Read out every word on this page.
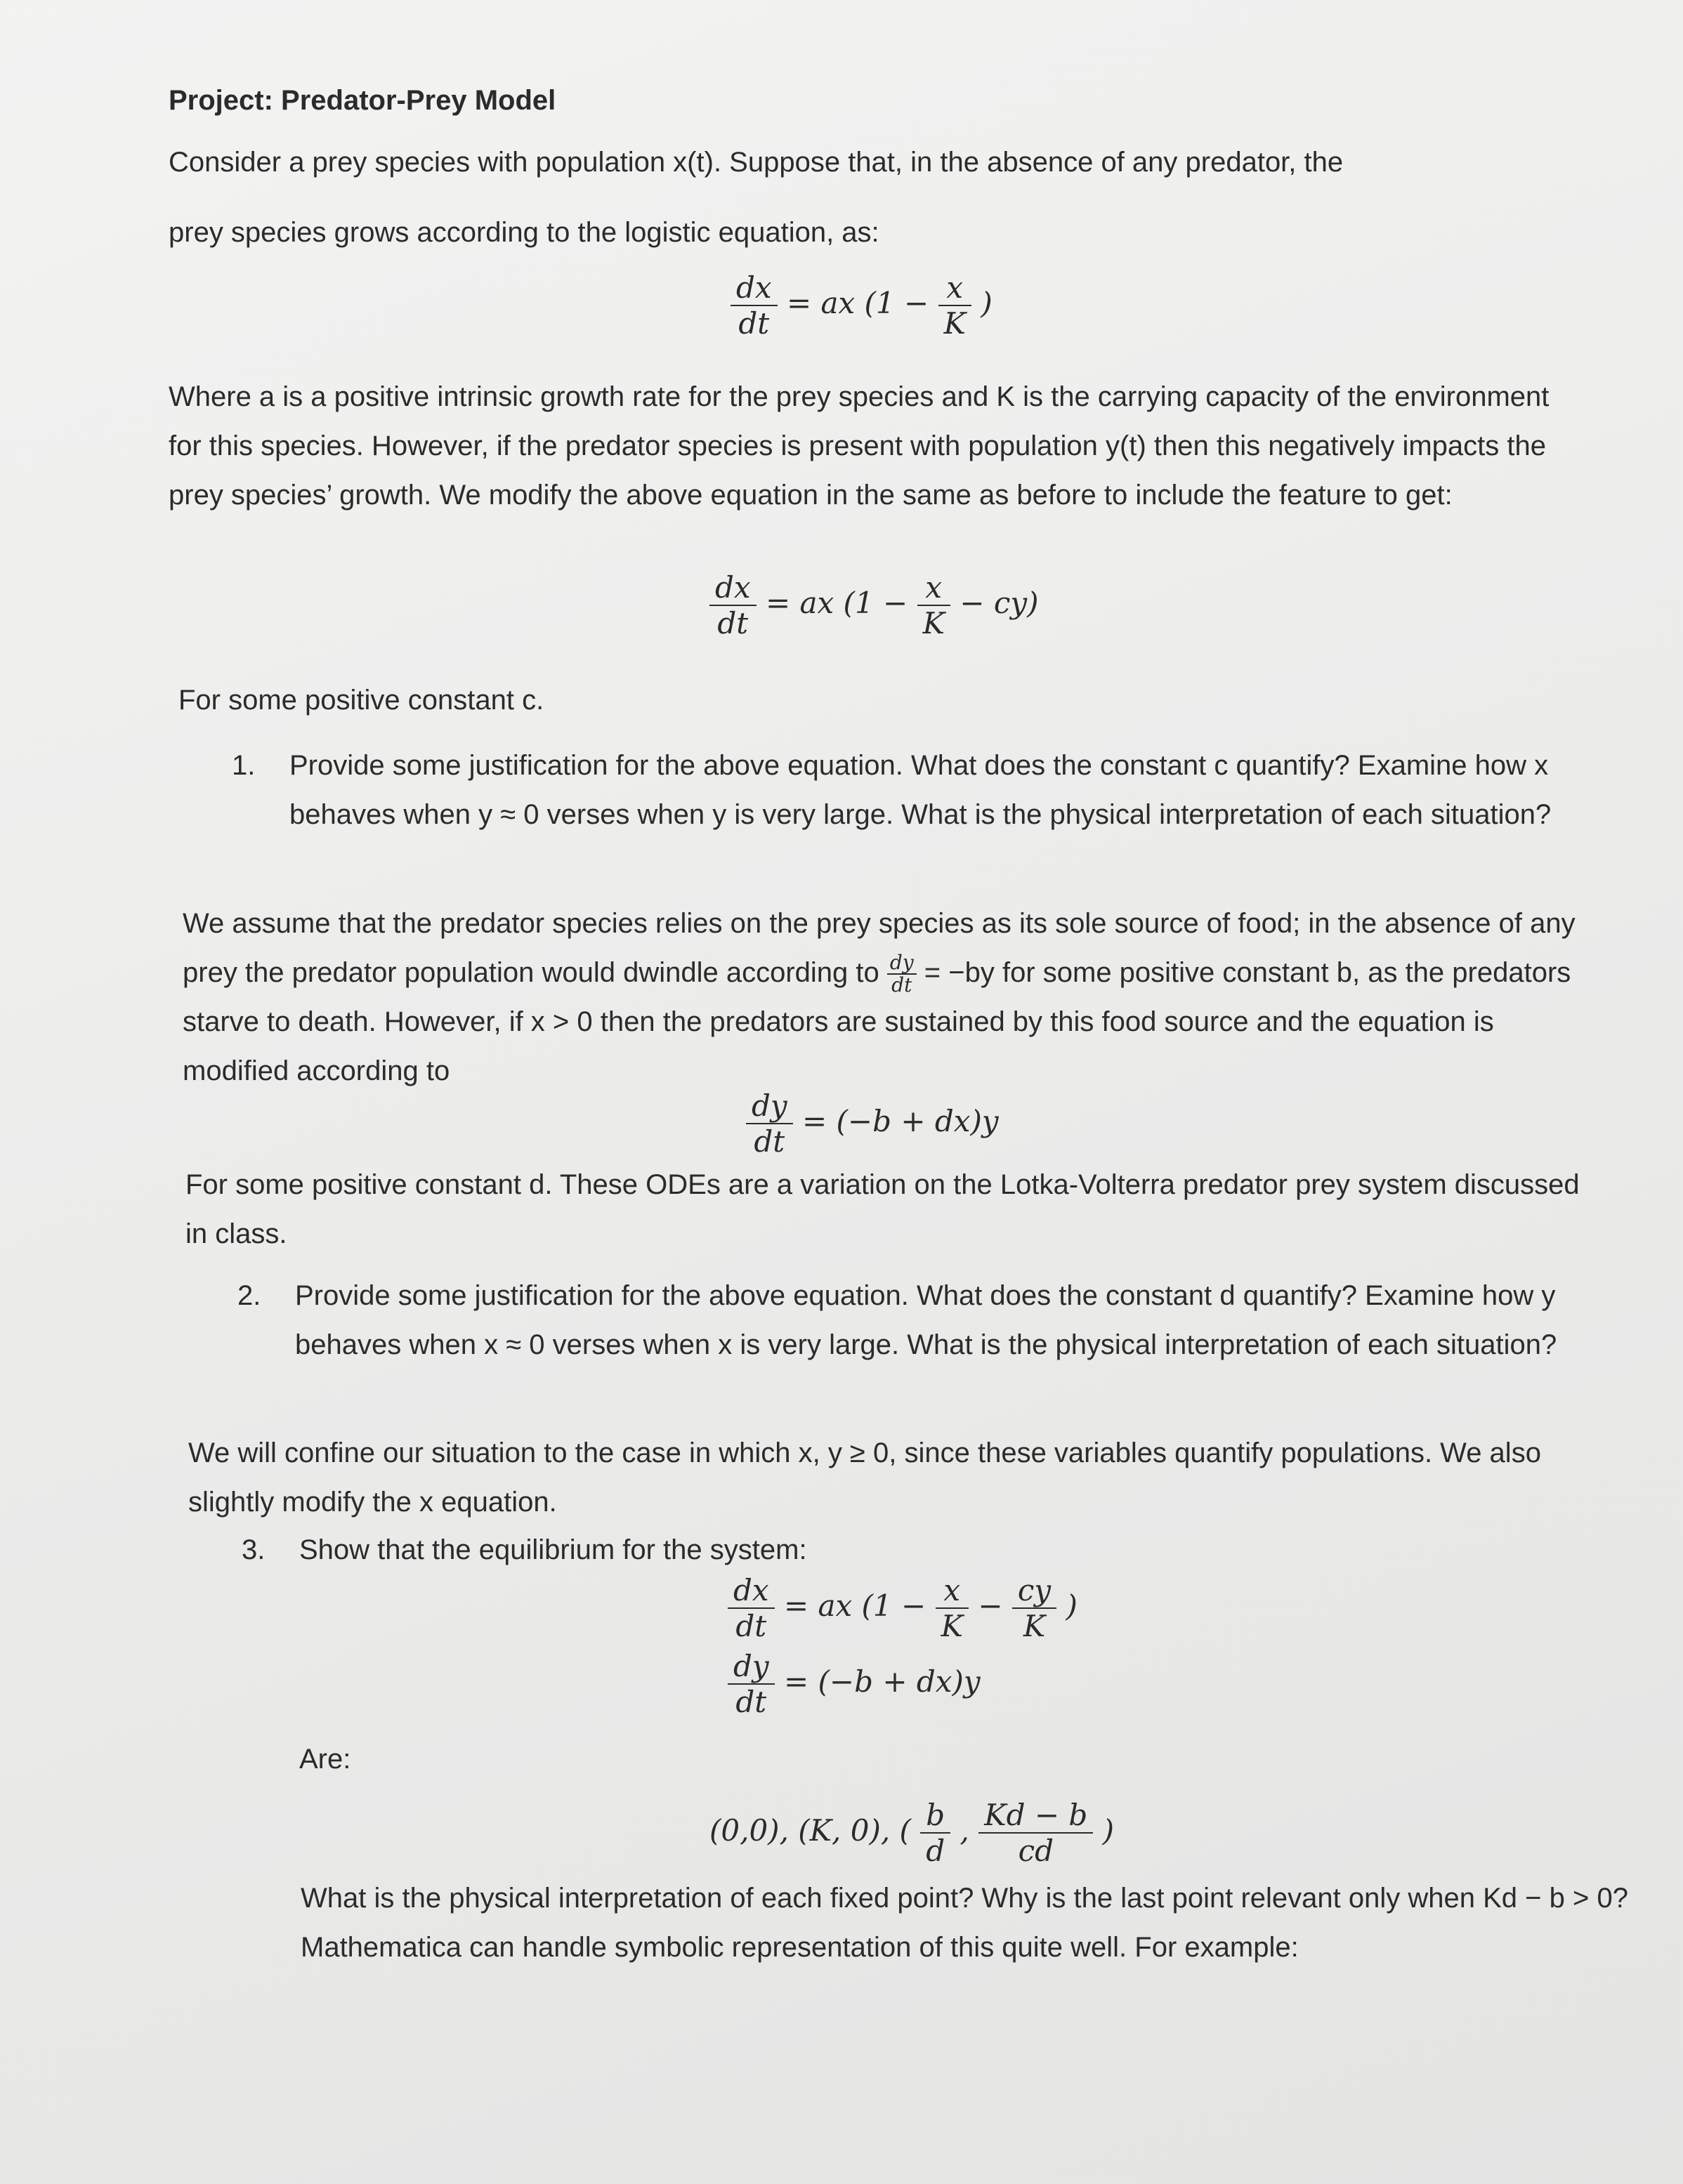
Project: Predator-Prey Model

Consider a prey species with population x(t). Suppose that, in the absence of any predator, the

prey species grows according to the logistic equation, as:

$\frac{dx}{dt}$ = ax ($1 - \frac{x}{K}$ )

Where a is a positive intrinsic growth rate for the prey species and K is the carrying capacity of the environment for this species. However, if the predator species is present with population y(t) then this negatively impacts the prey species’ growth. We modify the above equation in the same as before to include the feature to get:

$\frac{dx}{dt}$ = ax $(1 - \frac{x}{K} - cy)$

For some positive constant c.

1. Provide some justification for the above equation. What does the constant c quantify? Examine how x behaves when y ≈ 0 verses when y is very large. What is the physical interpretation of each situation?

We assume that the predator species relies on the prey species as its sole source of food; in the absence of any prey the predator population would dwindle according to $\frac{dy}{dt} = -by$ for some positive constant b, as the predators starve to death. However, if x > 0 then the predators are sustained by this food source and the equation is modified according to

$\frac{dy}{dt} = (-b + dx)y$

For some positive constant d. These ODEs are a variation on the Lotka-Volterra predator prey system discussed in class.

2. Provide some justification for the above equation. What does the constant d quantify? Examine how y behaves when x ≈ 0 verses when x is very large. What is the physical interpretation of each situation?

We will confine our situation to the case in which x, y ≥ 0, since these variables quantify populations. We also slightly modify the x equation.

3. Show that the equilibrium for the system:
$\frac{dx}{dt}$ = ax ($1 - \frac{x}{K} - \frac{cy}{K}$ )
$\frac{dy}{dt} = (-b + dx)y$

Are:

(0,0), (K, 0), ( $\frac{b}{d}$ , $\frac{Kd - b}{cd}$ )

What is the physical interpretation of each fixed point? Why is the last point relevant only when Kd − b > 0? Mathematica can handle symbolic representation of this quite well. For example:
